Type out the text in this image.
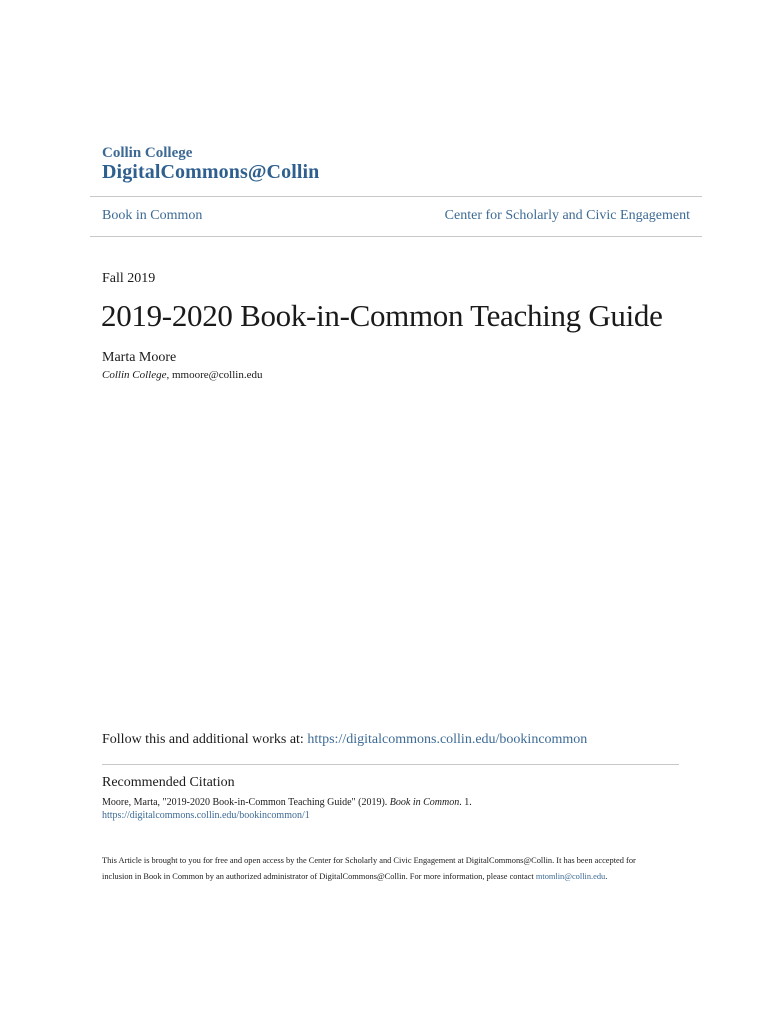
Collin College
DigitalCommons@Collin
Book in Common	Center for Scholarly and Civic Engagement
Fall 2019
2019-2020 Book-in-Common Teaching Guide
Marta Moore
Collin College, mmoore@collin.edu
Follow this and additional works at: https://digitalcommons.collin.edu/bookincommon
Recommended Citation
Moore, Marta, "2019-2020 Book-in-Common Teaching Guide" (2019). Book in Common. 1.
https://digitalcommons.collin.edu/bookincommon/1
This Article is brought to you for free and open access by the Center for Scholarly and Civic Engagement at DigitalCommons@Collin. It has been accepted for inclusion in Book in Common by an authorized administrator of DigitalCommons@Collin. For more information, please contact mtomlin@collin.edu.
